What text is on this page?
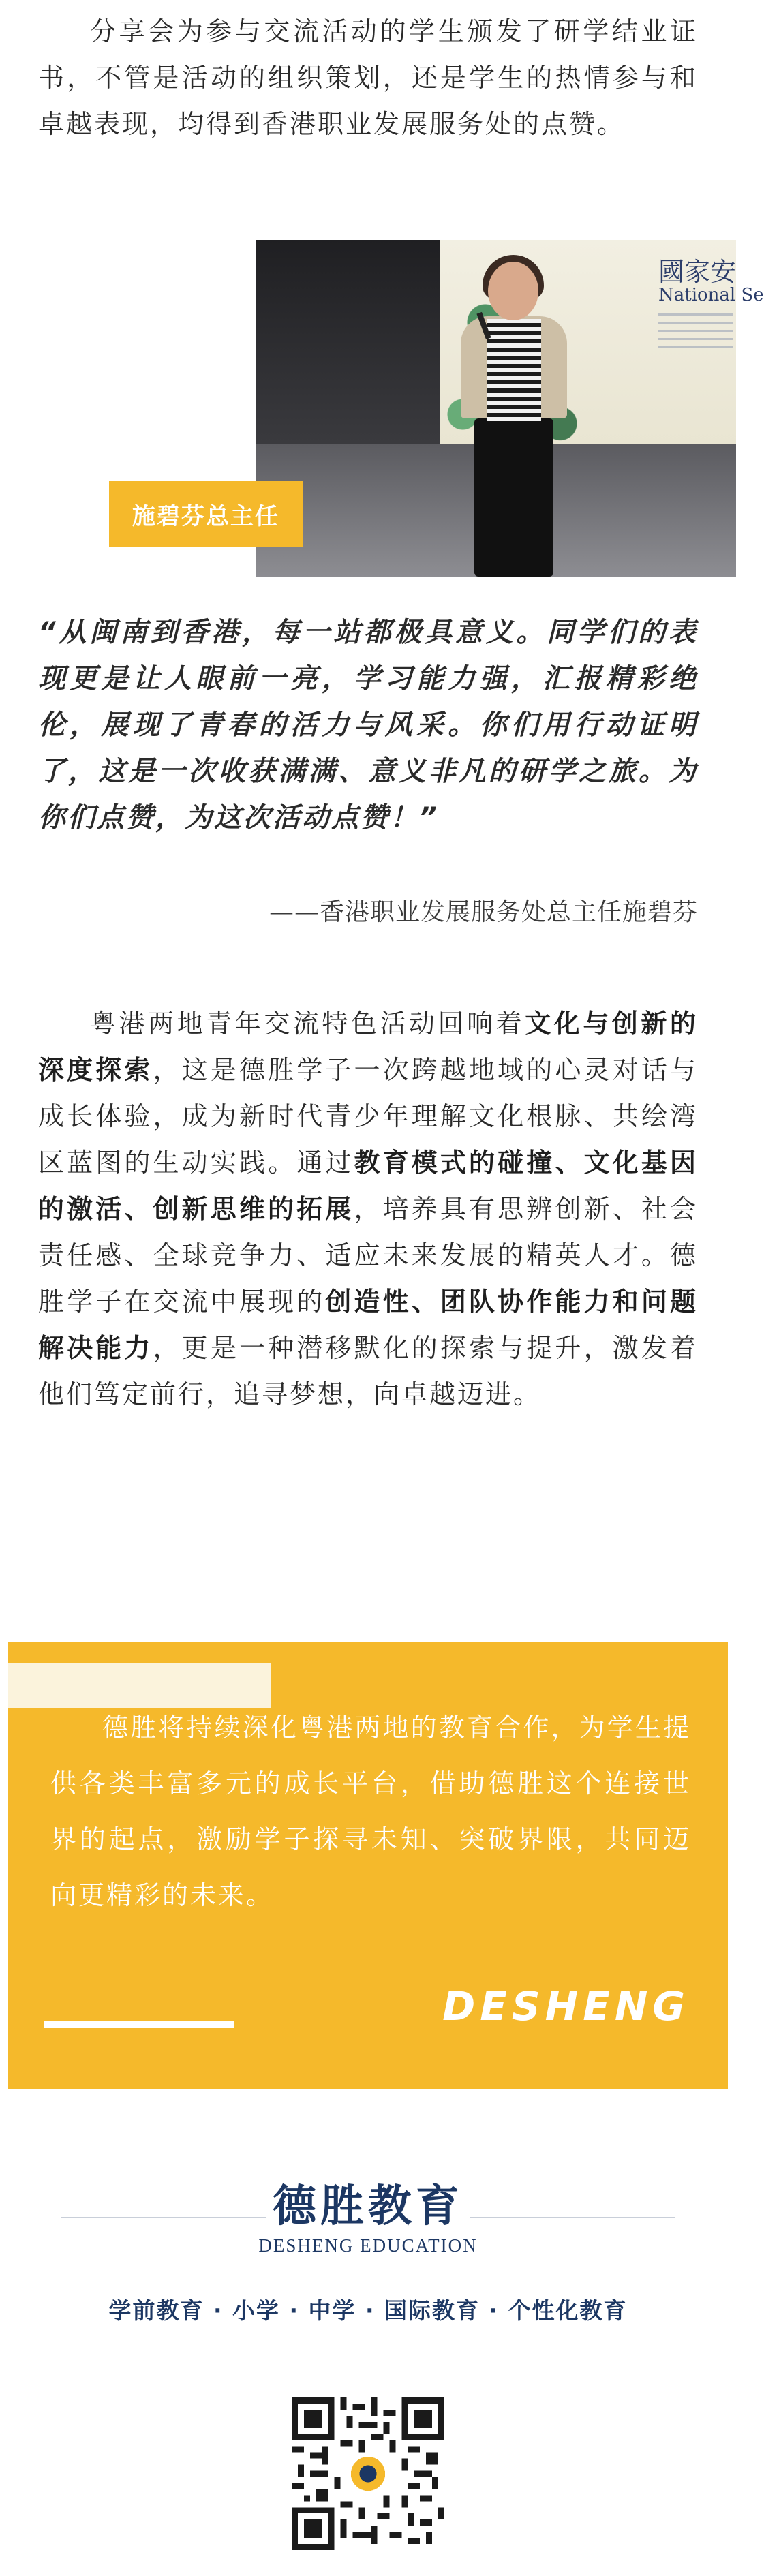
分享会为参与交流活动的学生颁发了研学结业证书，不管是活动的组织策划，还是学生的热情参与和卓越表现，均得到香港职业发展服务处的点赞。

國家安
National Se
施碧芬总主任

“从闽南到香港，每一站都极具意义。同学们的表现更是让人眼前一亮，学习能力强，汇报精彩绝伦，展现了青春的活力与风采。你们用行动证明了，这是一次收获满满、意义非凡的研学之旅。为你们点赞，为这次活动点赞！”

——香港职业发展服务处总主任施碧芬

粤港两地青年交流特色活动回响着文化与创新的深度探索，这是德胜学子一次跨越地域的心灵对话与成长体验，成为新时代青少年理解文化根脉、共绘湾区蓝图的生动实践。通过教育模式的碰撞、文化基因的激活、创新思维的拓展，培养具有思辨创新、社会责任感、全球竞争力、适应未来发展的精英人才。德胜学子在交流中展现的创造性、团队协作能力和问题解决能力，更是一种潜移默化的探索与提升，激发着他们笃定前行，追寻梦想，向卓越迈进。

德胜将持续深化粤港两地的教育合作，为学生提供各类丰富多元的成长平台，借助德胜这个连接世界的起点，激励学子探寻未知、突破界限，共同迈向更精彩的未来。

DESHENG
德胜教育
DESHENG EDUCATION
学前教育 · 小学 · 中学 · 国际教育 · 个性化教育
